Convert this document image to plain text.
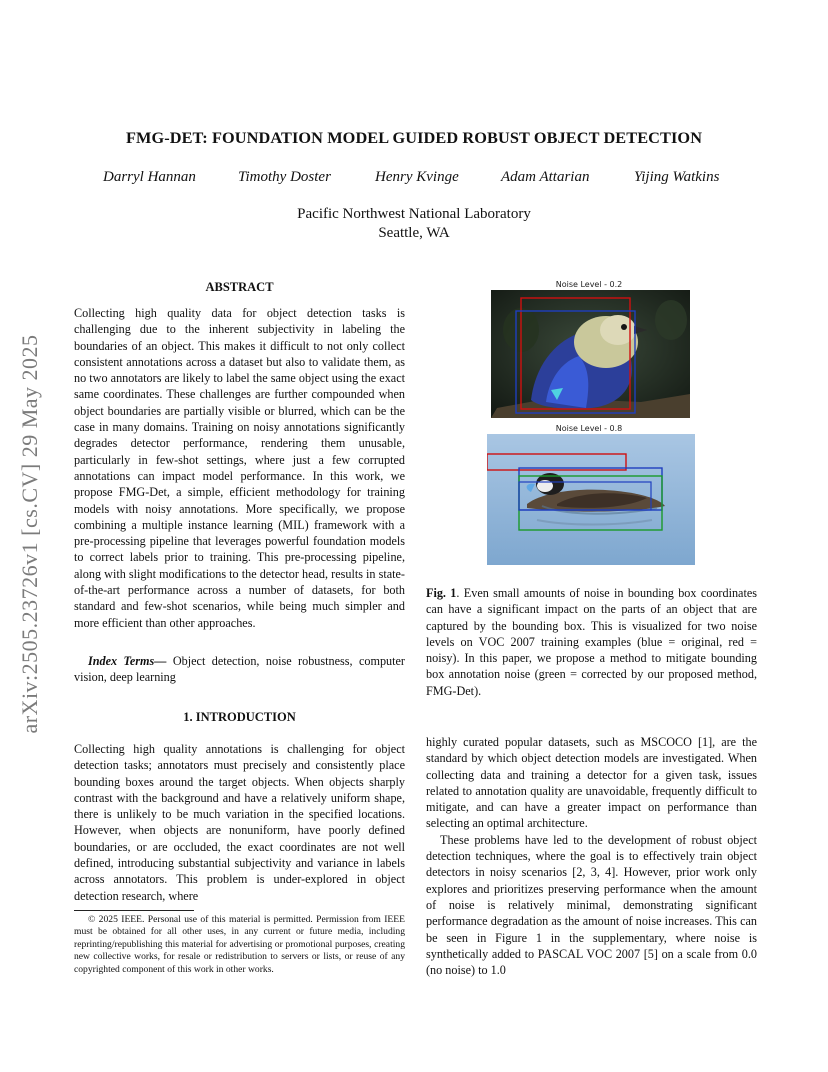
arXiv:2505.23726v1 [cs.CV] 29 May 2025
FMG-DET: FOUNDATION MODEL GUIDED ROBUST OBJECT DETECTION
Darryl Hannan	Timothy Doster	Henry Kvinge	Adam Attarian	Yijing Watkins
Pacific Northwest National Laboratory
Seattle, WA
ABSTRACT

Collecting high quality data for object detection tasks is challenging due to the inherent subjectivity in labeling the boundaries of an object. This makes it difficult to not only collect consistent annotations across a dataset but also to validate them, as no two annotators are likely to label the same object using the exact same coordinates. These challenges are further compounded when object boundaries are partially visible or blurred, which can be the case in many domains. Training on noisy annotations significantly degrades detector performance, rendering them unusable, particularly in few-shot settings, where just a few corrupted annotations can impact model performance. In this work, we propose FMG-Det, a simple, efficient methodology for training models with noisy annotations. More specifically, we propose combining a multiple instance learning (MIL) framework with a pre-processing pipeline that leverages powerful foundation models to correct labels prior to training. This pre-processing pipeline, along with slight modifications to the detector head, results in state-of-the-art performance across a number of datasets, for both standard and few-shot scenarios, while being much simpler and more efficient than other approaches.

Index Terms— Object detection, noise robustness, computer vision, deep learning
1. INTRODUCTION

Collecting high quality annotations is challenging for object detection tasks; annotators must precisely and consistently place bounding boxes around the target objects. When objects sharply contrast with the background and have a relatively uniform shape, there is unlikely to be much variation in the specified locations. However, when objects are nonuniform, have poorly defined boundaries, or are occluded, the exact coordinates are not well defined, introducing substantial subjectivity and variance in labels across annotators. This problem is under-explored in object detection research, where

© 2025 IEEE. Personal use of this material is permitted. Permission from IEEE must be obtained for all other uses, in any current or future media, including reprinting/republishing this material for advertising or promotional purposes, creating new collective works, for resale or redistribution to servers or lists, or reuse of any copyrighted component of this work in other works.

Noise Level - 0.2
Noise Level - 0.8

Fig. 1. Even small amounts of noise in bounding box coordinates can have a significant impact on the parts of an object that are captured by the bounding box. This is visualized for two noise levels on VOC 2007 training examples (blue = original, red = noisy). In this paper, we propose a method to mitigate bounding box annotation noise (green = corrected by our proposed method, FMG-Det).

highly curated popular datasets, such as MSCOCO [1], are the standard by which object detection models are investigated. When collecting data and training a detector for a given task, issues related to annotation quality are unavoidable, frequently difficult to mitigate, and can have a greater impact on performance than selecting an optimal architecture.

These problems have led to the development of robust object detection techniques, where the goal is to effectively train object detectors in noisy scenarios [2, 3, 4]. However, prior work only explores and prioritizes preserving performance when the amount of noise is relatively minimal, demonstrating significant performance degradation as the amount of noise increases. This can be seen in Figure 1 in the supplementary, where noise is synthetically added to PASCAL VOC 2007 [5] on a scale from 0.0 (no noise) to 1.0
